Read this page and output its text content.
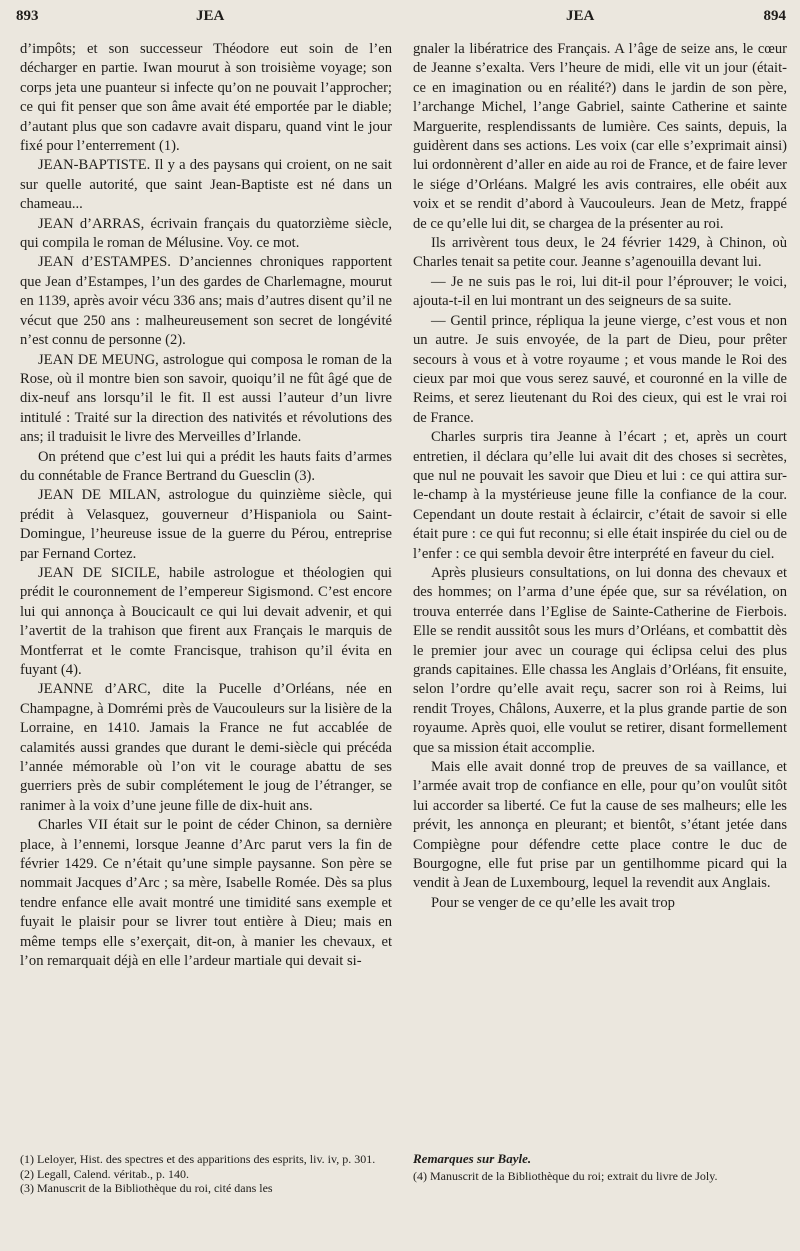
893	JEA	JEA	894

d’impôts; et son successeur Théodore eut soin de l’en décharger en partie. Iwan mourut à son troisième voyage; son corps jeta une puanteur si infecte qu’on ne pouvait l’approcher; ce qui fit penser que son âme avait été emportée par le diable; d’autant plus que son cadavre avait disparu, quand vint le jour fixé pour l’enterrement (1).

JEAN-BAPTISTE. Il y a des paysans qui croient, on ne sait sur quelle autorité, que saint Jean-Baptiste est né dans un chameau...

JEAN d’ARRAS, écrivain français du quatorzième siècle, qui compila le roman de Mélusine. Voy. ce mot.

JEAN d’ESTAMPES. D’anciennes chroniques rapportent que Jean d’Estampes, l’un des gardes de Charlemagne, mourut en 1139, après avoir vécu 336 ans; mais d’autres disent qu’il ne vécut que 250 ans : malheureusement son secret de longévité n’est connu de personne (2).

JEAN DE MEUNG, astrologue qui composa le roman de la Rose, où il montre bien son savoir, quoiqu’il ne fût âgé que de dix-neuf ans lorsqu’il le fit. Il est aussi l’auteur d’un livre intitulé : Traité sur la direction des nativités et révolutions des ans; il traduisit le livre des Merveilles d’Irlande.

On prétend que c’est lui qui a prédit les hauts faits d’armes du connétable de France Bertrand du Guesclin (3).

JEAN DE MILAN, astrologue du quinzième siècle, qui prédit à Velasquez, gouverneur d’Hispaniola ou Saint-Domingue, l’heureuse issue de la guerre du Pérou, entreprise par Fernand Cortez.

JEAN DE SICILE, habile astrologue et théologien qui prédit le couronnement de l’empereur Sigismond. C’est encore lui qui annonça à Boucicault ce qui lui devait advenir, et qui l’avertit de la trahison que firent aux Français le marquis de Montferrat et le comte Francisque, trahison qu’il évita en fuyant (4).

JEANNE d’ARC, dite la Pucelle d’Orléans, née en Champagne, à Domrémi près de Vaucouleurs sur la lisière de la Lorraine, en 1410. Jamais la France ne fut accablée de calamités aussi grandes que durant le demi-siècle qui précéda l’année mémorable où l’on vit le courage abattu de ses guerriers près de subir complétement le joug de l’étranger, se ranimer à la voix d’une jeune fille de dix-huit ans.

Charles VII était sur le point de céder Chinon, sa dernière place, à l’ennemi, lorsque Jeanne d’Arc parut vers la fin de février 1429. Ce n’était qu’une simple paysanne. Son père se nommait Jacques d’Arc ; sa mère, Isabelle Romée. Dès sa plus tendre enfance elle avait montré une timidité sans exemple et fuyait le plaisir pour se livrer tout entière à Dieu; mais en même temps elle s’exerçait, dit-on, à manier les chevaux, et l’on remarquait déjà en elle l’ardeur martiale qui devait si-

gnaler la libératrice des Français. A l’âge de seize ans, le cœur de Jeanne s’exalta. Vers l’heure de midi, elle vit un jour (était-ce en imagination ou en réalité?) dans le jardin de son père, l’archange Michel, l’ange Gabriel, sainte Catherine et sainte Marguerite, resplendissants de lumière. Ces saints, depuis, la guidèrent dans ses actions. Les voix (car elle s’exprimait ainsi) lui ordonnèrent d’aller en aide au roi de France, et de faire lever le siége d’Orléans. Malgré les avis contraires, elle obéit aux voix et se rendit d’abord à Vaucouleurs. Jean de Metz, frappé de ce qu’elle lui dit, se chargea de la présenter au roi.

Ils arrivèrent tous deux, le 24 février 1429, à Chinon, où Charles tenait sa petite cour. Jeanne s’agenouilla devant lui.

— Je ne suis pas le roi, lui dit-il pour l’éprouver; le voici, ajouta-t-il en lui montrant un des seigneurs de sa suite.

— Gentil prince, répliqua la jeune vierge, c’est vous et non un autre. Je suis envoyée, de la part de Dieu, pour prêter secours à vous et à votre royaume ; et vous mande le Roi des cieux par moi que vous serez sauvé, et couronné en la ville de Reims, et serez lieutenant du Roi des cieux, qui est le vrai roi de France.

Charles surpris tira Jeanne à l’écart ; et, après un court entretien, il déclara qu’elle lui avait dit des choses si secrètes, que nul ne pouvait les savoir que Dieu et lui : ce qui attira sur-le-champ à la mystérieuse jeune fille la confiance de la cour. Cependant un doute restait à éclaircir, c’était de savoir si elle était pure : ce qui fut reconnu; si elle était inspirée du ciel ou de l’enfer : ce qui sembla devoir être interprété en faveur du ciel.

Après plusieurs consultations, on lui donna des chevaux et des hommes; on l’arma d’une épée que, sur sa révélation, on trouva enterrée dans l’Eglise de Sainte-Catherine de Fierbois. Elle se rendit aussitôt sous les murs d’Orléans, et combattit dès le premier jour avec un courage qui éclipsa celui des plus grands capitaines. Elle chassa les Anglais d’Orléans, fit ensuite, selon l’ordre qu’elle avait reçu, sacrer son roi à Reims, lui rendit Troyes, Châlons, Auxerre, et la plus grande partie de son royaume. Après quoi, elle voulut se retirer, disant formellement que sa mission était accomplie.

Mais elle avait donné trop de preuves de sa vaillance, et l’armée avait trop de confiance en elle, pour qu’on voulût sitôt lui accorder sa liberté. Ce fut la cause de ses malheurs; elle les prévit, les annonça en pleurant; et bientôt, s’étant jetée dans Compiègne pour défendre cette place contre le duc de Bourgogne, elle fut prise par un gentilhomme picard qui la vendit à Jean de Luxembourg, lequel la revendit aux Anglais.

Pour se venger de ce qu’elle les avait trop

(1) Leloyer, Hist. des spectres et des apparitions des esprits, liv. iv, p. 301.
(2) Legall, Calend. véritab., p. 140.
(3) Manuscrit de la Bibliothèque du roi, cité dans les
Remarques sur Bayle.
(4) Manuscrit de la Bibliothèque du roi; extrait du livre de Joly.
